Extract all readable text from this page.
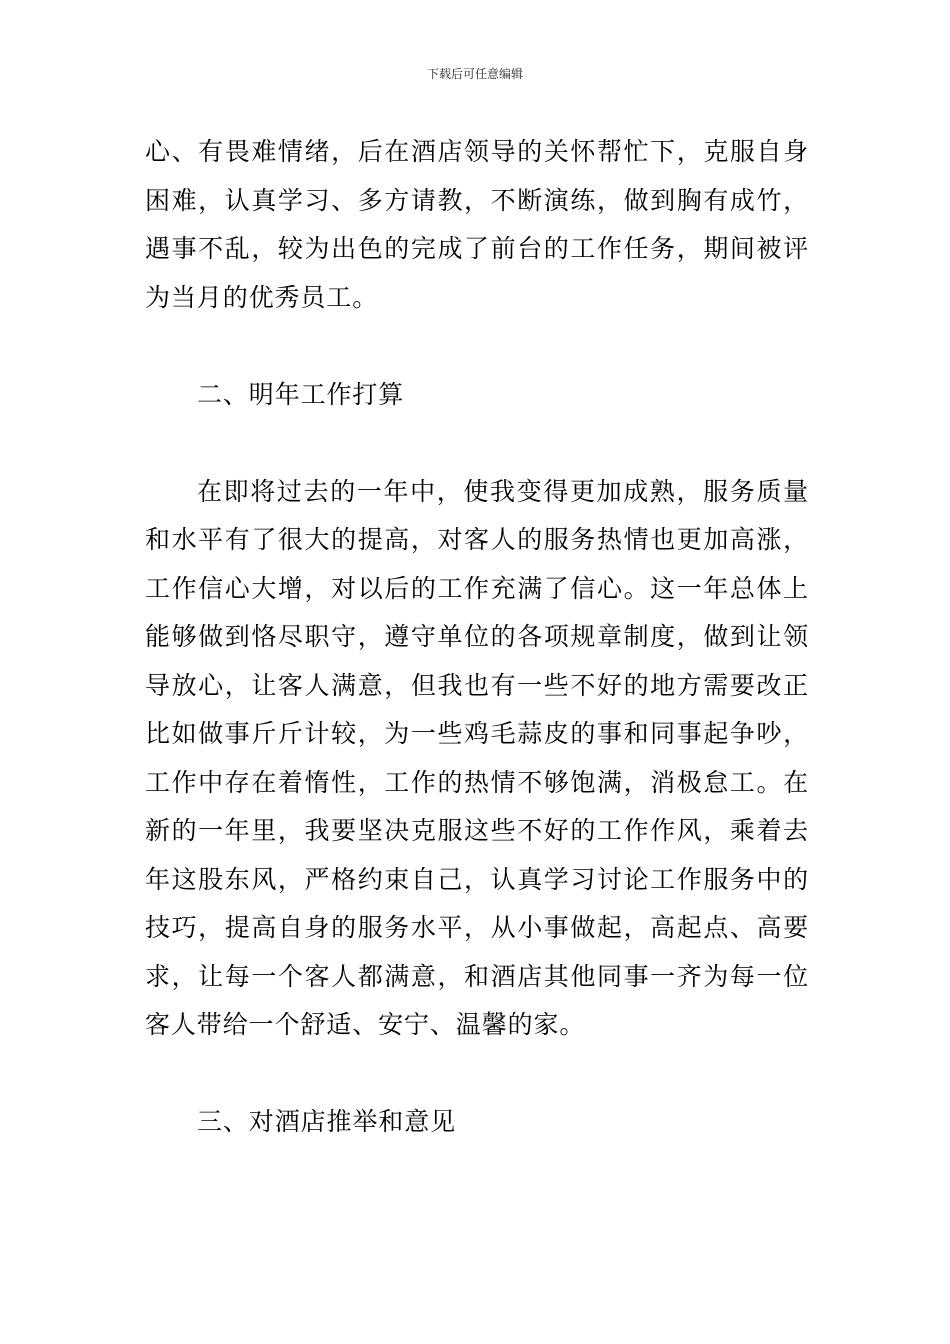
下载后可任意编辑
心、有畏难情绪，后在酒店领导的关怀帮忙下，克服自身
困难，认真学习、多方请教，不断演练，做到胸有成竹，
遇事不乱，较为出色的完成了前台的工作任务，期间被评
为当月的优秀员工。
二、明年工作打算
在即将过去的一年中，使我变得更加成熟，服务质量
和水平有了很大的提高，对客人的服务热情也更加高涨，
工作信心大增，对以后的工作充满了信心。这一年总体上
能够做到恪尽职守，遵守单位的各项规章制度，做到让领
导放心，让客人满意，但我也有一些不好的地方需要改正
比如做事斤斤计较，为一些鸡毛蒜皮的事和同事起争吵，
工作中存在着惰性，工作的热情不够饱满，消极怠工。在
新的一年里，我要坚决克服这些不好的工作作风，乘着去
年这股东风，严格约束自己，认真学习讨论工作服务中的
技巧，提高自身的服务水平，从小事做起，高起点、高要
求，让每一个客人都满意，和酒店其他同事一齐为每一位
客人带给一个舒适、安宁、温馨的家。
三、对酒店推举和意见
